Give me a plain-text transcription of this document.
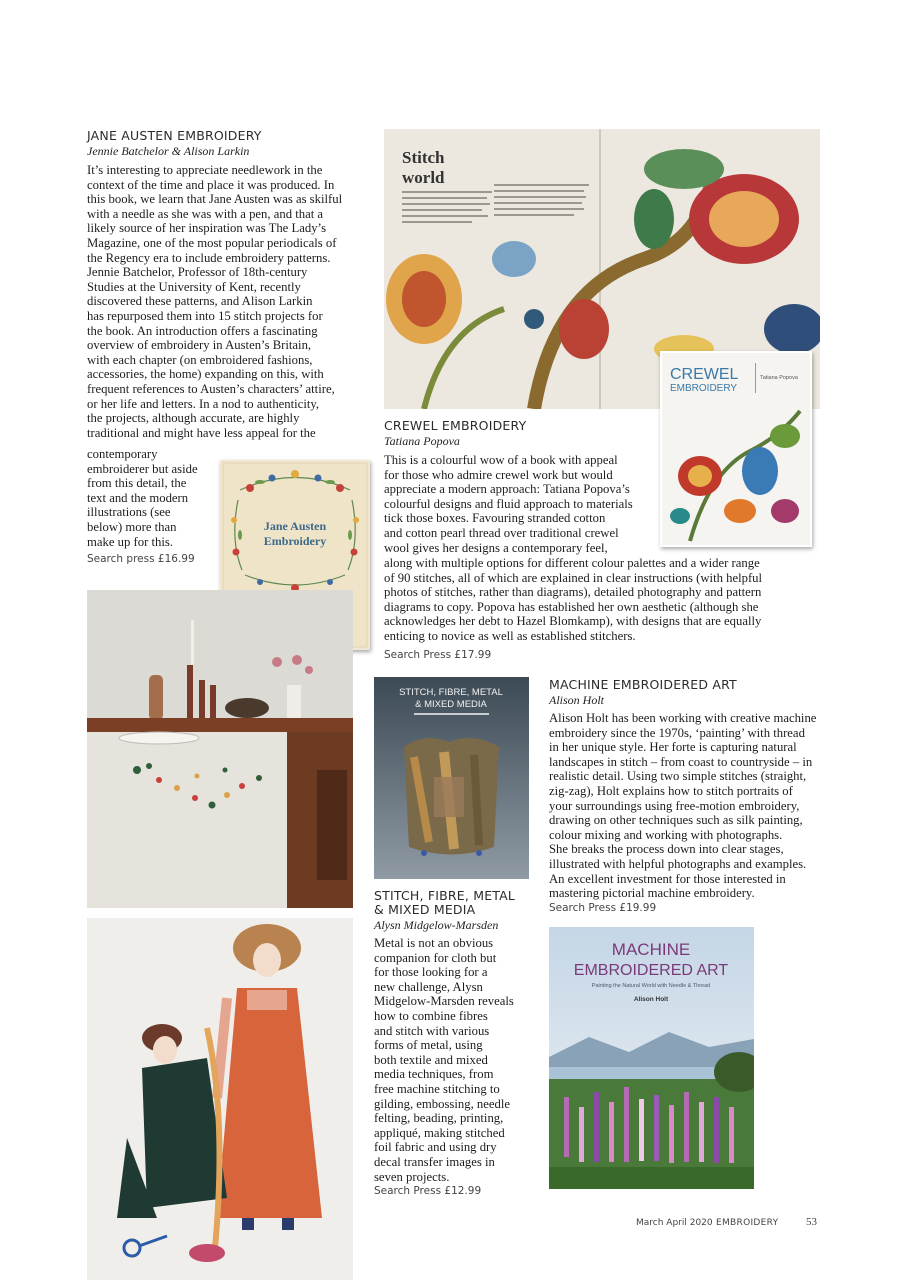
JANE AUSTEN EMBROIDERY
Jennie Batchelor & Alison Larkin
It’s interesting to appreciate needlework in the
context of the time and place it was produced. In
this book, we learn that Jane Austen was as skilful
with a needle as she was with a pen, and that a
likely source of her inspiration was The Lady’s
Magazine, one of the most popular periodicals of
the Regency era to include embroidery patterns.
Jennie Batchelor, Professor of 18th-century
Studies at the University of Kent, recently
discovered these patterns, and Alison Larkin
has repurposed them into 15 stitch projects for
the book. An introduction offers a fascinating
overview of embroidery in Austen’s Britain,
with each chapter (on embroidered fashions,
accessories, the home) expanding on this, with
frequent references to Austen’s characters’ attire,
or her life and letters. In a nod to authenticity,
the projects, although accurate, are highly
traditional and might have less appeal for the
contemporary
embroiderer but aside
from this detail, the
text and the modern
illustrations (see
below) more than
make up for this.
Search press £16.99
Jane Austen
Embroidery
Stitch
world
CREWEL
EMBROIDERY
Tatiana Popova
CREWEL EMBROIDERY
Tatiana Popova
This is a colourful wow of a book with appeal
for those who admire crewel work but would
appreciate a modern approach: Tatiana Popova’s
colourful designs and fluid approach to materials
tick those boxes. Favouring stranded cotton
and cotton pearl thread over traditional crewel
wool gives her designs a contemporary feel,
along with multiple options for different colour palettes and a wider range
of 90 stitches, all of which are explained in clear instructions (with helpful
photos of stitches, rather than diagrams), detailed photography and pattern
diagrams to copy. Popova has established her own aesthetic (although she
acknowledges her debt to Hazel Blomkamp), with designs that are equally
enticing to novice as well as established stitchers.
Search Press £17.99
STITCH, FIBRE, METAL
& MIXED MEDIA
STITCH, FIBRE, METAL
& MIXED MEDIA
Alysn Midgelow-Marsden
Metal is not an obvious
companion for cloth but
for those looking for a
new challenge, Alysn
Midgelow-Marsden reveals
how to combine fibres
and stitch with various
forms of metal, using
both textile and mixed
media techniques, from
free machine stitching to
gilding, embossing, needle
felting, beading, printing,
appliqué, making stitched
foil fabric and using dry
decal transfer images in
seven projects.
Search Press £12.99
MACHINE EMBROIDERED ART
Alison Holt
Alison Holt has been working with creative machine
embroidery since the 1970s, ‘painting’ with thread
in her unique style. Her forte is capturing natural
landscapes in stitch – from coast to countryside – in
realistic detail. Using two simple stitches (straight,
zig-zag), Holt explains how to stitch portraits of
your surroundings using free-motion embroidery,
drawing on other techniques such as silk painting,
colour mixing and working with photographs.
She breaks the process down into clear stages,
illustrated with helpful photographs and examples.
An excellent investment for those interested in
mastering pictorial machine embroidery.
Search Press £19.99
MACHINE
EMBROIDERED ART
Painting the Natural World with Needle & Thread
Alison Holt
March April 2020 EMBROIDERY	53
